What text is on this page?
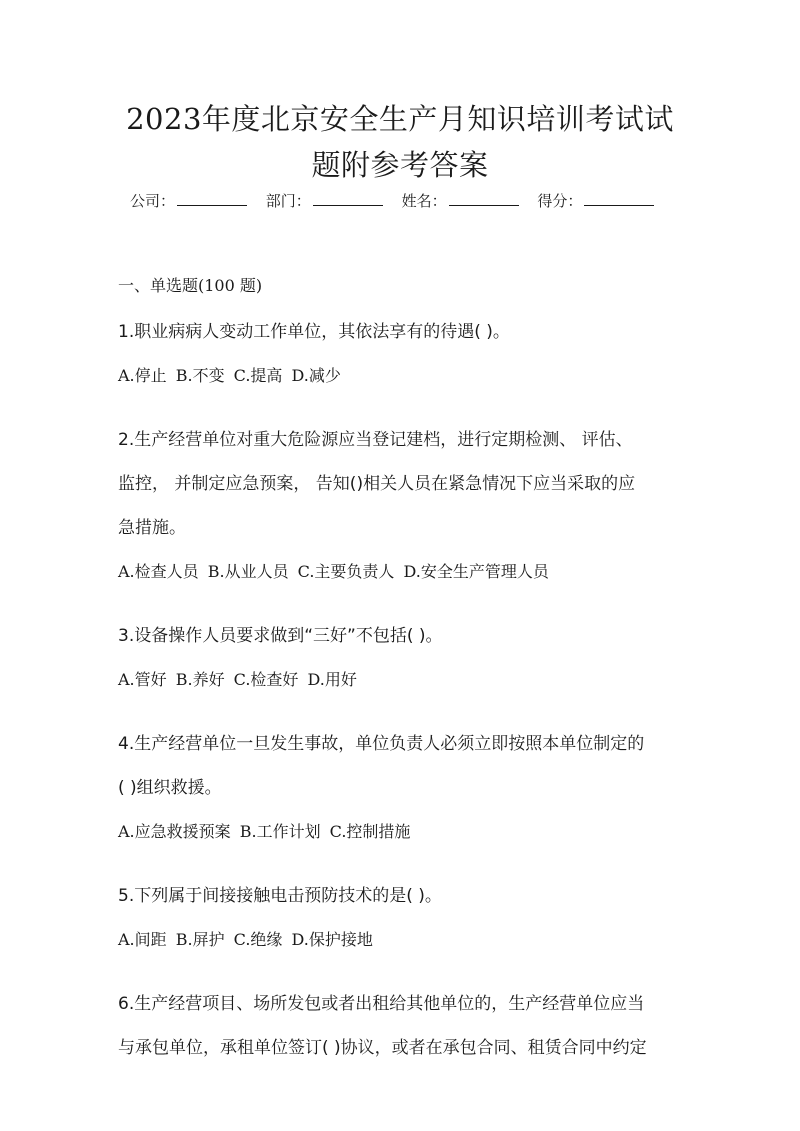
2023年度北京安全生产月知识培训考试试
题附参考答案
公司：	部门：	姓名：	得分：
一、单选题(100 题)

1.职业病病人变动工作单位，其依法享有的待遇( )。

A.停止 B.不变 C.提高 D.减少

2.生产经营单位对重大危险源应当登记建档，进行定期检测、 评估、

监控， 并制定应急预案， 告知()相关人员在紧急情况下应当采取的应

急措施。

A.检查人员 B.从业人员 C.主要负责人 D.安全生产管理人员

3.设备操作人员要求做到“三好”不包括( )。

A.管好 B.养好 C.检查好 D.用好

4.生产经营单位一旦发生事故，单位负责人必须立即按照本单位制定的

( )组织救援。

A.应急救援预案 B.工作计划 C.控制措施

5.下列属于间接接触电击预防技术的是( )。

A.间距 B.屏护 C.绝缘 D.保护接地

6.生产经营项目、场所发包或者出租给其他单位的，生产经营单位应当

与承包单位，承租单位签订( )协议，或者在承包合同、租赁合同中约定
